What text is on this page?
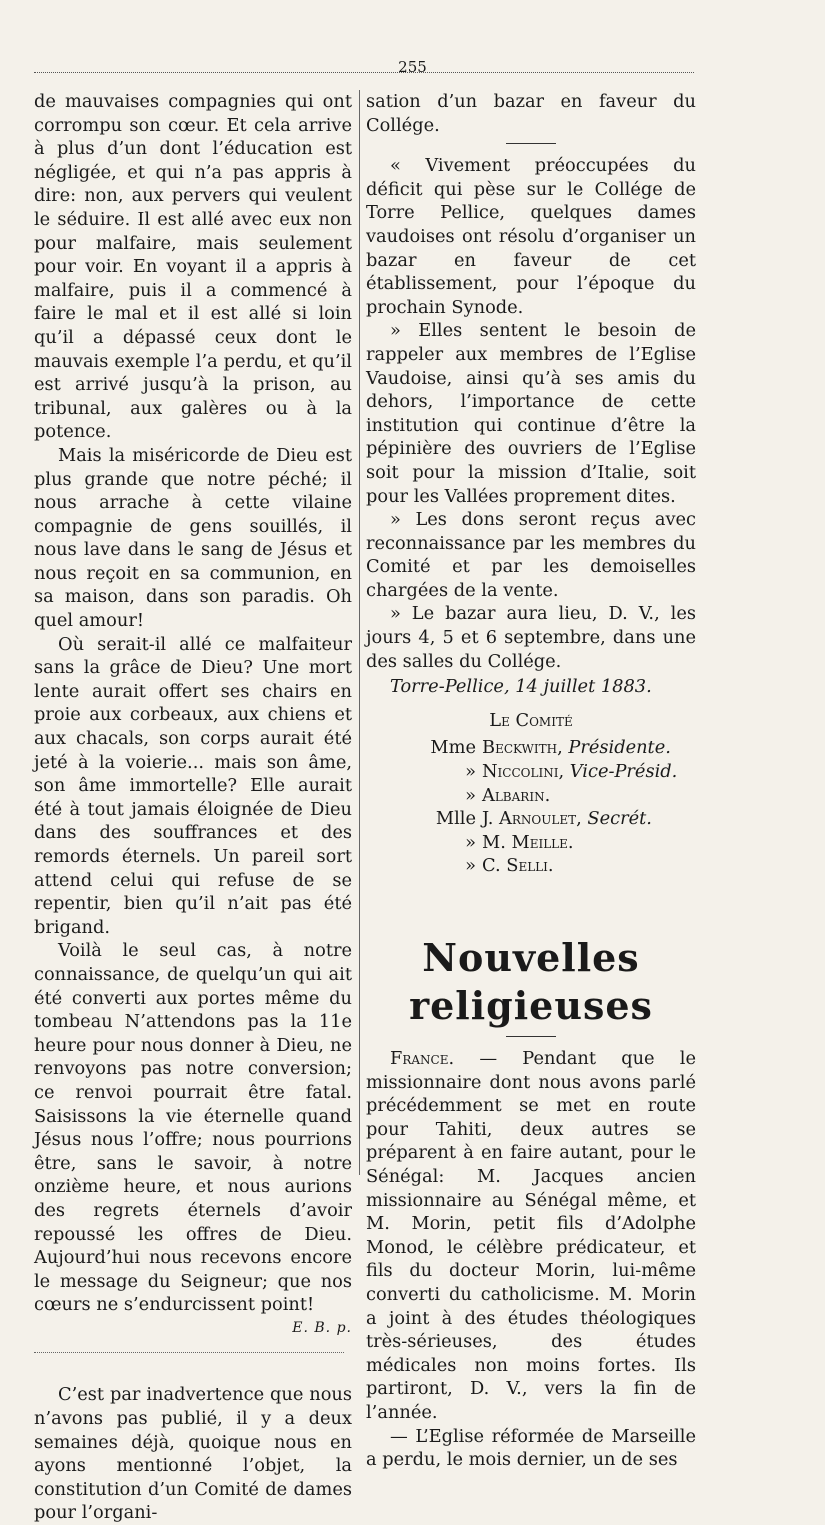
255

de mauvaises compagnies qui ont corrompu son cœur. Et cela arrive à plus d’un dont l’éducation est négligée, et qui n’a pas appris à dire: non, aux pervers qui veulent le séduire. Il est allé avec eux non pour malfaire, mais seulement pour voir. En voyant il a appris à malfaire, puis il a commencé à faire le mal et il est allé si loin qu’il a dépassé ceux dont le mauvais exemple l’a perdu, et qu’il est arrivé jusqu’à la prison, au tribunal, aux galères ou à la potence.

Mais la miséricorde de Dieu est plus grande que notre péché; il nous arrache à cette vilaine compagnie de gens souillés, il nous lave dans le sang de Jésus et nous reçoit en sa communion, en sa maison, dans son paradis. Oh quel amour!

Où serait-il allé ce malfaiteur sans la grâce de Dieu? Une mort lente aurait offert ses chairs en proie aux corbeaux, aux chiens et aux chacals, son corps aurait été jeté à la voierie... mais son âme, son âme immortelle? Elle aurait été à tout jamais éloignée de Dieu dans des souffrances et des remords éternels. Un pareil sort attend celui qui refuse de se repentir, bien qu’il n’ait pas été brigand.

Voilà le seul cas, à notre connaissance, de quelqu’un qui ait été converti aux portes même du tombeau N’attendons pas la 11e heure pour nous donner à Dieu, ne renvoyons pas notre conversion; ce renvoi pourrait être fatal. Saisissons la vie éternelle quand Jésus nous l’offre; nous pourrions être, sans le savoir, à notre onzième heure, et nous aurions des regrets éternels d’avoir repoussé les offres de Dieu. Aujourd’hui nous recevons encore le message du Seigneur; que nos cœurs ne s’endurcissent point!

E. B. p.

C’est par inadvertence que nous n’avons pas publié, il y a deux semaines déjà, quoique nous en ayons mentionné l’objet, la constitution d’un Comité de dames pour l’organi-

sation d’un bazar en faveur du Collége.

« Vivement préoccupées du déficit qui pèse sur le Collége de Torre Pellice, quelques dames vaudoises ont résolu d’organiser un bazar en faveur de cet établissement, pour l’époque du prochain Synode.

» Elles sentent le besoin de rappeler aux membres de l’Eglise Vaudoise, ainsi qu’à ses amis du dehors, l’importance de cette institution qui continue d’être la pépinière des ouvriers de l’Eglise soit pour la mission d’Italie, soit pour les Vallées proprement dites.

» Les dons seront reçus avec reconnaissance par les membres du Comité et par les demoiselles chargées de la vente.

» Le bazar aura lieu, D. V., les jours 4, 5 et 6 septembre, dans une des salles du Collége.

Torre-Pellice, 14 juillet 1883.

Le Comité

Mme Beckwith, Présidente.
» Niccolini, Vice-Présid.
» Albarin.
Mlle J. Arnoulet, Secrét.
» M. Meille.
» C. Selli.
Nouvelles religieuses

France. — Pendant que le missionnaire dont nous avons parlé précédemment se met en route pour Tahiti, deux autres se préparent à en faire autant, pour le Sénégal: M. Jacques ancien missionnaire au Sénégal même, et M. Morin, petit fils d’Adolphe Monod, le célèbre prédicateur, et fils du docteur Morin, lui-même converti du catholicisme. M. Morin a joint à des études théologiques très-sérieuses, des études médicales non moins fortes. Ils partiront, D. V., vers la fin de l’année.

— L’Eglise réformée de Marseille a perdu, le mois dernier, un de ses
